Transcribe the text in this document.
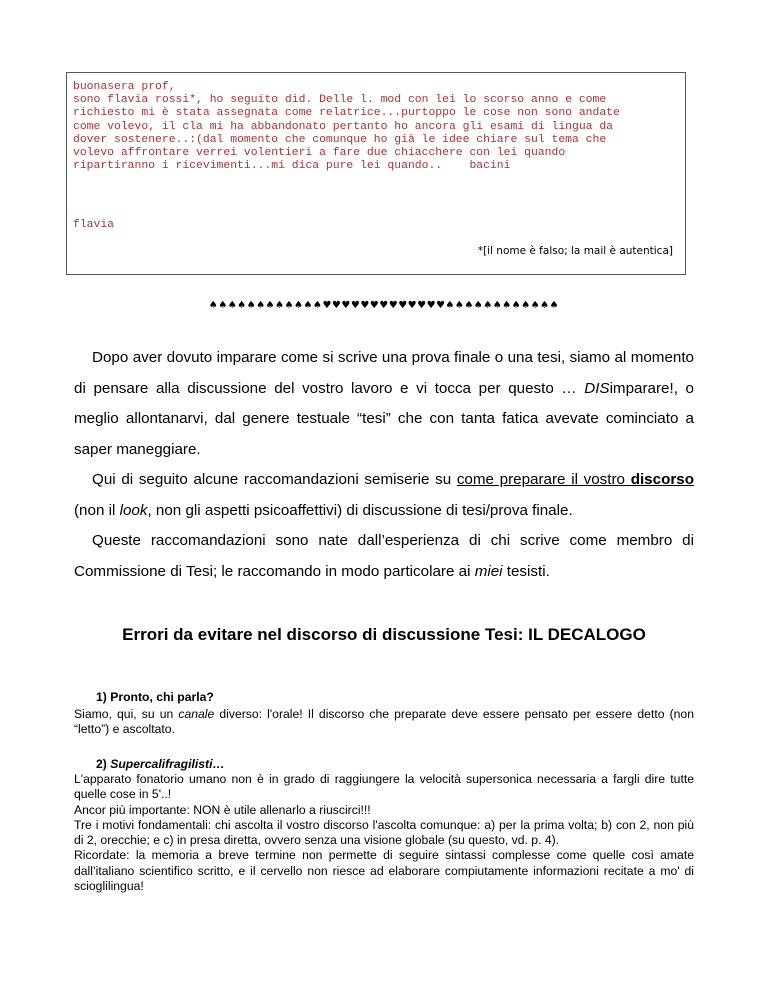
buonasera prof,
sono flavia rossi*, ho seguito did. Delle l. mod con lei lo scorso anno e come
richiesto mi è stata assegnata come relatrice...purtoppo le cose non sono andate
come volevo, il cla mi ha abbandonato pertanto ho ancora gli esami di lingua da
dover sostenere..:(dal momento che comunque ho già le idee chiare sul tema che
volevo affrontare verrei volentieri a fare due chiacchere con lei quando
ripartiranno i ricevimenti...mi dica pure lei quando..    bacini
flavia
*[il nome è falso; la mail è autentica]
♠♠♠♠♠♠♠♠♠♠♠♠♥♥♥♥♥♥♥♥♥♥♥♥♥♠♠♠♠♠♠♠♠♠♠♠♠

Dopo aver dovuto imparare come si scrive una prova finale o una tesi, siamo al momento di pensare alla discussione del vostro lavoro e vi tocca per questo … DISimparare!, o meglio allontanarvi, dal genere testuale “tesi” che con tanta fatica avevate cominciato a saper maneggiare.

Qui di seguito alcune raccomandazioni semiserie su come preparare il vostro discorso (non il look, non gli aspetti psicoaffettivi) di discussione di tesi/prova finale.

Queste raccomandazioni sono nate dall’esperienza di chi scrive come membro di Commissione di Tesi; le raccomando in modo particolare ai miei tesisti.

Errori da evitare nel discorso di discussione Tesi: IL DECALOGO
1) Pronto, chi parla?

Siamo, qui, su un canale diverso: l'orale! Il discorso che preparate deve essere pensato per essere detto (non “letto”) e ascoltato.

2) Supercalifragilisti…

L'apparato fonatorio umano non è in grado di raggiungere la velocità supersonica necessaria a fargli dire tutte quelle cose in 5'..!

Ancor più importante: NON è utile allenarlo a riuscirci!!!

Tre i motivi fondamentali: chi ascolta il vostro discorso l'ascolta comunque: a) per la prima volta; b) con 2, non più di 2, orecchie; e c) in presa diretta, ovvero senza una visione globale (su questo, vd. p. 4).

Ricordate: la memoria a breve termine non permette di seguire sintassi complesse come quelle così amate dall’italiano scientifico scritto, e il cervello non riesce ad elaborare compiutamente informazioni recitate a mo' di scioglilingua!
